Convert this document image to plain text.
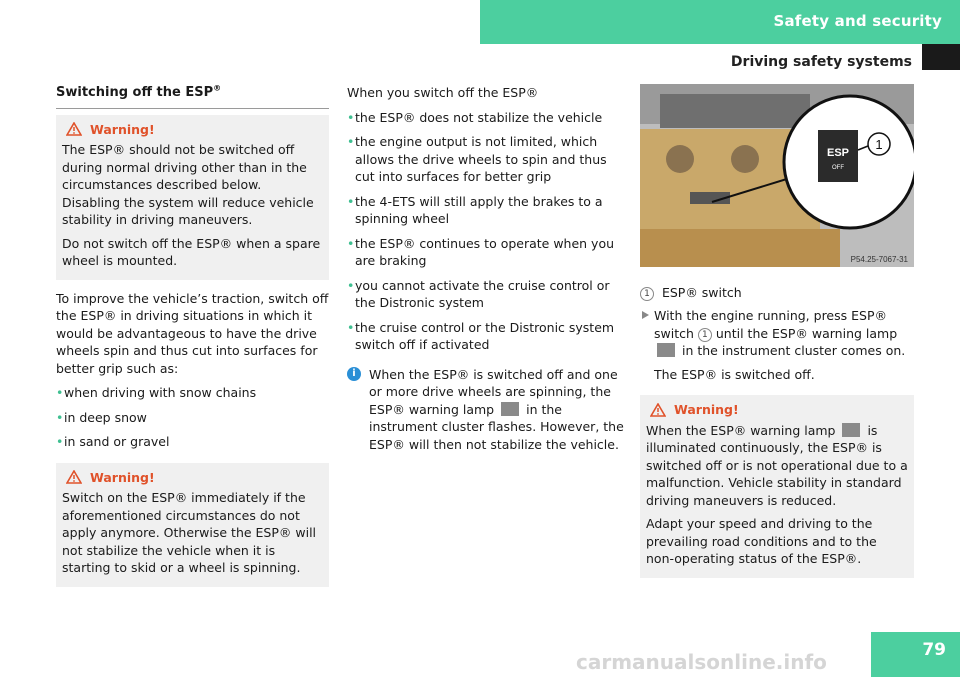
Safety and security
Driving safety systems
Switching off the ESP®
Warning!

The ESP® should not be switched off during normal driving other than in the circumstances described below. Disabling the system will reduce vehicle stability in driving maneuvers.

Do not switch off the ESP® when a spare wheel is mounted.

To improve the vehicle’s traction, switch off the ESP® in driving situations in which it would be advantageous to have the drive wheels spin and thus cut into surfaces for better grip such as:

• when driving with snow chains
• in deep snow
• in sand or gravel
Warning!

Switch on the ESP® immediately if the aforementioned circumstances do not apply anymore. Otherwise the ESP® will not stabilize the vehicle when it is starting to skid or a wheel is spinning.

When you switch off the ESP®

• the ESP® does not stabilize the vehicle
• the engine output is not limited, which allows the drive wheels to spin and thus cut into surfaces for better grip
• the 4-ETS will still apply the brakes to a spinning wheel
• the ESP® continues to operate when you are braking
• you cannot activate the cruise control or the Distronic system
• the cruise control or the Distronic system switch off if activated
i	When the ESP® is switched off and one or more drive wheels are spinning, the ESP® warning lamp	in the instrument cluster flashes. However, the ESP® will then not stabilize the vehicle.
ESP
OFF
1
P54.25-7067-31
1 ESP® switch
With the engine running, press ESP® switch 1 until the ESP® warning lamp  in the instrument cluster comes on.

The ESP® is switched off.

Warning!

When the ESP® warning lamp	is illuminated continuously, the ESP® is switched off or is not operational due to a malfunction. Vehicle stability in standard driving maneuvers is reduced.

Adapt your speed and driving to the prevailing road conditions and to the non-operating status of the ESP®.

carmanualsonline.info	79
